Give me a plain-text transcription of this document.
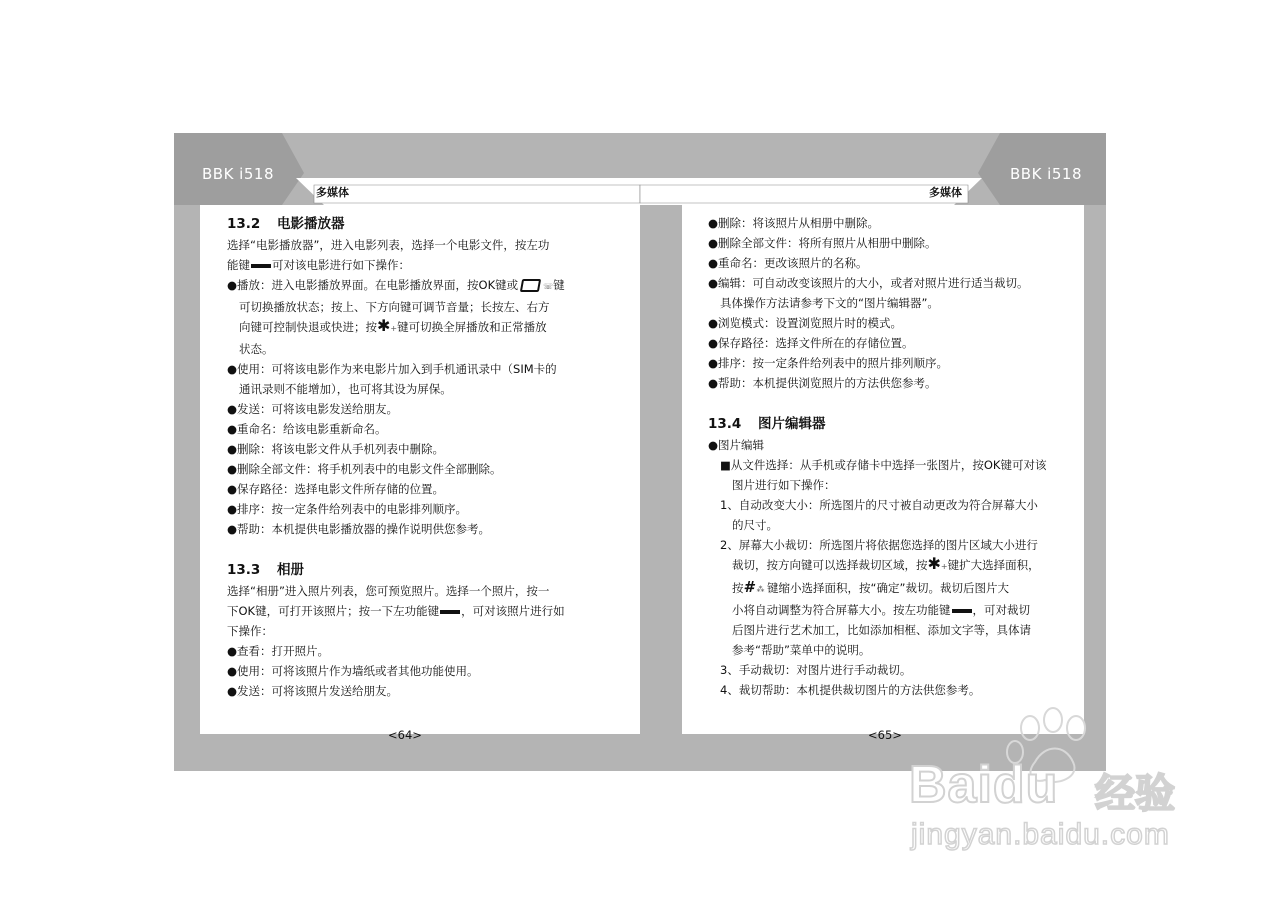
BBK i518	BBK i518
多媒体	多媒体

13.2 电影播放器

选择“电影播放器”，进入电影列表，选择一个电影文件，按左功

能键 可对该电影进行如下操作：

●播放：进入电影播放界面。在电影播放界面，按OK键或	☏键

可切换播放状态；按上、下方向键可调节音量；长按左、右方

向键可控制快退或快进；按✱+键可切换全屏播放和正常播放

状态。

●使用：可将该电影作为来电影片加入到手机通讯录中（SIM卡的

通讯录则不能增加），也可将其设为屏保。

●发送：可将该电影发送给朋友。

●重命名：给该电影重新命名。

●删除：将该电影文件从手机列表中删除。

●删除全部文件：将手机列表中的电影文件全部删除。

●保存路径：选择电影文件所存储的位置。

●排序：按一定条件给列表中的电影排列顺序。

●帮助：本机提供电影播放器的操作说明供您参考。

13.3 相册

选择“相册”进入照片列表，您可预览照片。选择一个照片，按一

下OK键，可打开该照片；按一下左功能键 ，可对该照片进行如

下操作：

●查看：打开照片。

●使用：可将该照片作为墙纸或者其他功能使用。

●发送：可将该照片发送给朋友。

<64>

●删除：将该照片从相册中删除。

●删除全部文件：将所有照片从相册中删除。

●重命名：更改该照片的名称。

●编辑：可自动改变该照片的大小，或者对照片进行适当裁切。

具体操作方法请参考下文的“图片编辑器”。

●浏览模式：设置浏览照片时的模式。

●保存路径：选择文件所在的存储位置。

●排序：按一定条件给列表中的照片排列顺序。

●帮助：本机提供浏览照片的方法供您参考。

13.4 图片编辑器

●图片编辑

■从文件选择：从手机或存储卡中选择一张图片，按OK键可对该

图片进行如下操作：

1、自动改变大小：所选图片的尺寸被自动更改为符合屏幕大小

的尺寸。

2、屏幕大小裁切：所选图片将依据您选择的图片区域大小进行

裁切，按方向键可以选择裁切区域，按✱+键扩大选择面积，

按# ⁂ 键缩小选择面积，按“确定”裁切。裁切后图片大

小将自动调整为符合屏幕大小。按左功能键 ，可对裁切

后图片进行艺术加工，比如添加相框、添加文字等，具体请

参考“帮助”菜单中的说明。

3、手动裁切：对图片进行手动裁切。

4、裁切帮助：本机提供裁切图片的方法供您参考。

<65>
Baidu 经验
jingyan.baidu.com
